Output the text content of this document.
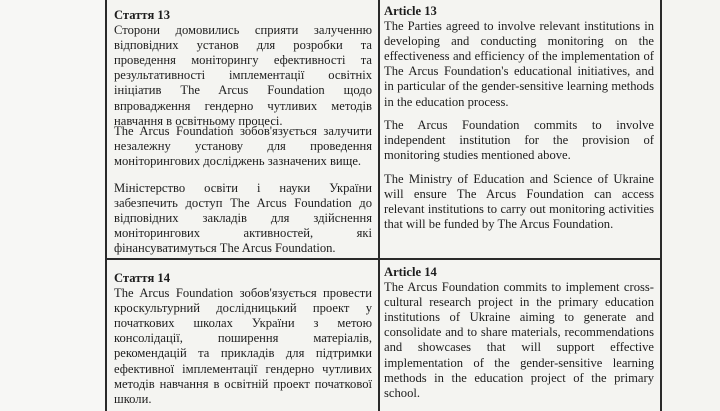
Стаття 13

Сторони домовились сприяти залученню відповідних установ для розробки та проведення моніторингу ефективності та результативності імплементації освітніх ініціатив The Arcus Foundation щодо впровадження гендерно чутливих методів навчання в освітньому процесі.

The Arcus Foundation зобов'язується залучити незалежну установу для проведення моніторингових досліджень зазначених вище.

Міністерство освіти і науки України забезпечить доступ The Arcus Foundation до відповідних закладів для здійснення моніторингових активностей, які фінансуватимуться The Arcus Foundation.

Стаття 14

The Arcus Foundation зобов'язується провести кроскультурний дослідницький проект у початкових школах України з метою консолідації, поширення матеріалів, рекомендацій та прикладів для підтримки ефективної імплементації гендерно чутливих методів навчання в освітній проект початкової школи.

Article 13

The Parties agreed to involve relevant institutions in developing and conducting monitoring on the effectiveness and efficiency of the implementation of The Arcus Foundation's educational initiatives, and in particular of the gender-sensitive learning methods in the education process.

The Arcus Foundation commits to involve independent institution for the provision of monitoring studies mentioned above.

The Ministry of Education and Science of Ukraine will ensure The Arcus Foundation can access relevant institutions to carry out monitoring activities that will be funded by The Arcus Foundation.

Article 14

The Arcus Foundation commits to implement cross-cultural research project in the primary education institutions of Ukraine aiming to generate and consolidate and to share materials, recommendations and showcases that will support effective implementation of the gender-sensitive learning methods in the education project of the primary school.
